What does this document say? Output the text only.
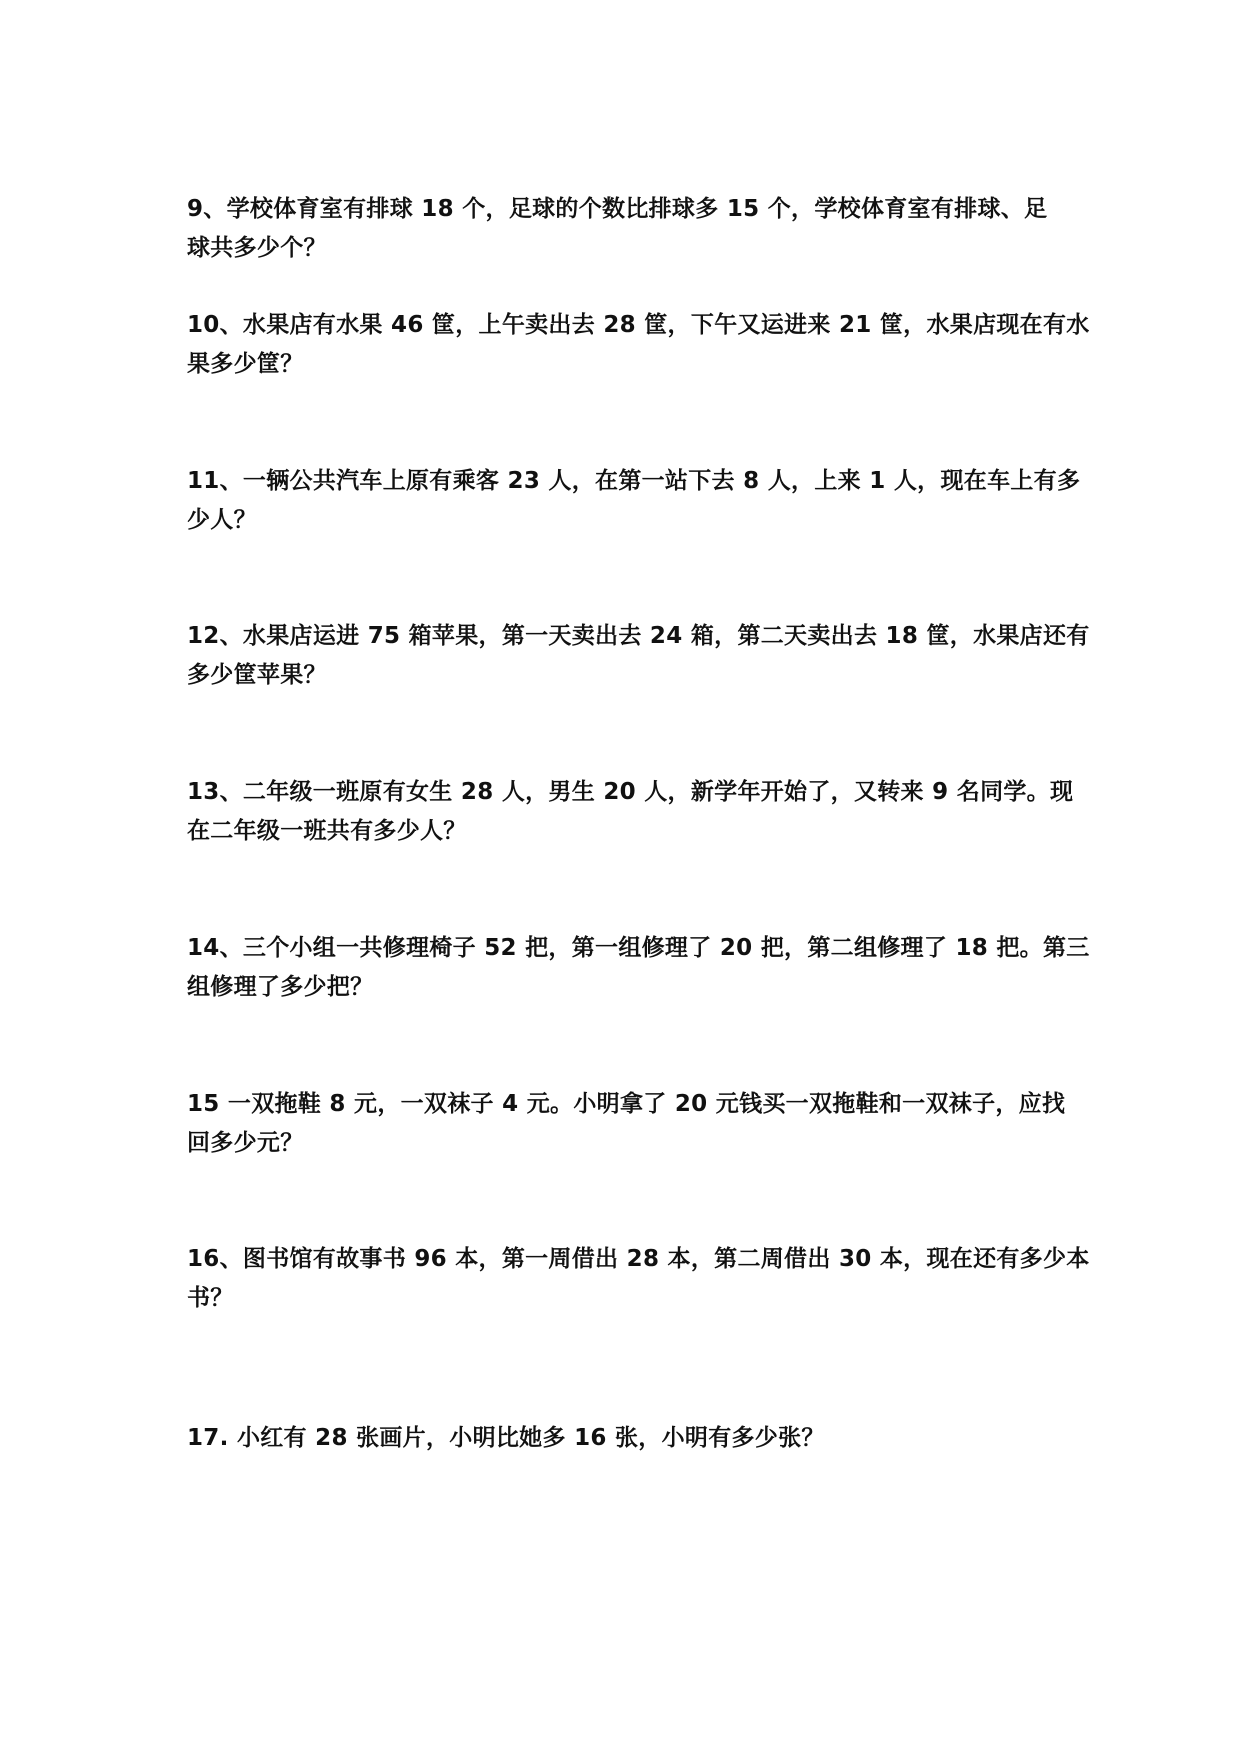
9、学校体育室有排球 18 个，足球的个数比排球多 15 个，学校体育室有排球、足
球共多少个？
10、水果店有水果 46 筐，上午卖出去 28 筐，下午又运进来 21 筐，水果店现在有水
果多少筐？
11、一辆公共汽车上原有乘客 23 人，在第一站下去 8 人，上来 1 人，现在车上有多
少人？
12、水果店运进 75 箱苹果，第一天卖出去 24 箱，第二天卖出去 18 筐，水果店还有
多少筐苹果？
13、二年级一班原有女生 28 人，男生 20 人，新学年开始了，又转来 9 名同学。现
在二年级一班共有多少人？
14、三个小组一共修理椅子 52 把，第一组修理了 20 把，第二组修理了 18 把。第三
组修理了多少把？
15 一双拖鞋 8 元，一双袜子 4 元。小明拿了 20 元钱买一双拖鞋和一双袜子，应找
回多少元？
16、图书馆有故事书 96 本，第一周借出 28 本，第二周借出 30 本，现在还有多少本
书？
17. 小红有 28 张画片，小明比她多 16 张，小明有多少张？
